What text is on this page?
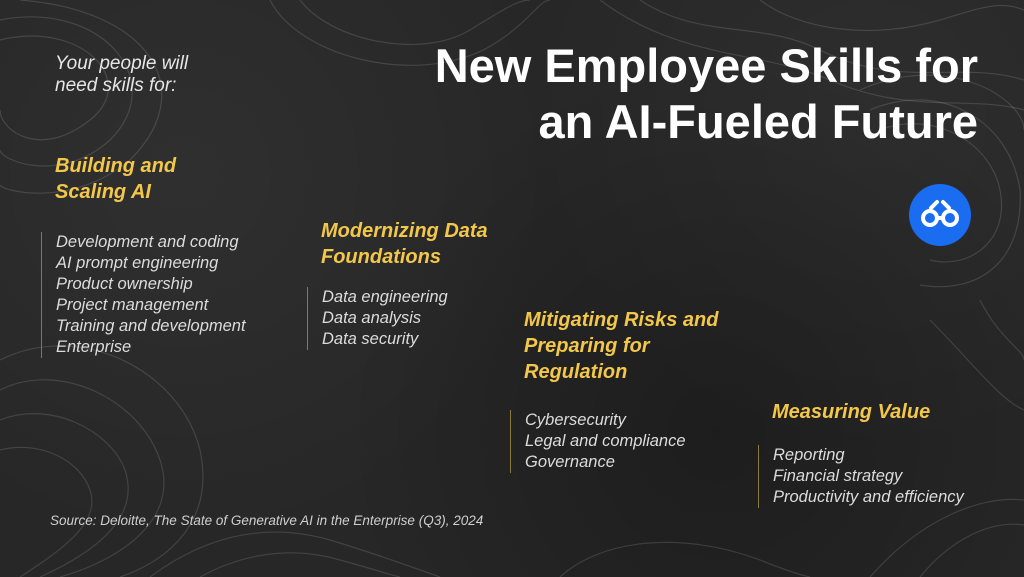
Your people will
need skills for:	New Employee Skills for
an AI-Fueled Future
Building and
Scaling AI
Development and coding
AI prompt engineering
Product ownership
Project management
Training and development
Enterprise
Modernizing Data
Foundations
Data engineering
Data analysis
Data security
Mitigating Risks and
Preparing for
Regulation
Cybersecurity
Legal and compliance
Governance
Measuring Value
Reporting
Financial strategy
Productivity and efficiency
Source: Deloitte, The State of Generative AI in the Enterprise (Q3), 2024
